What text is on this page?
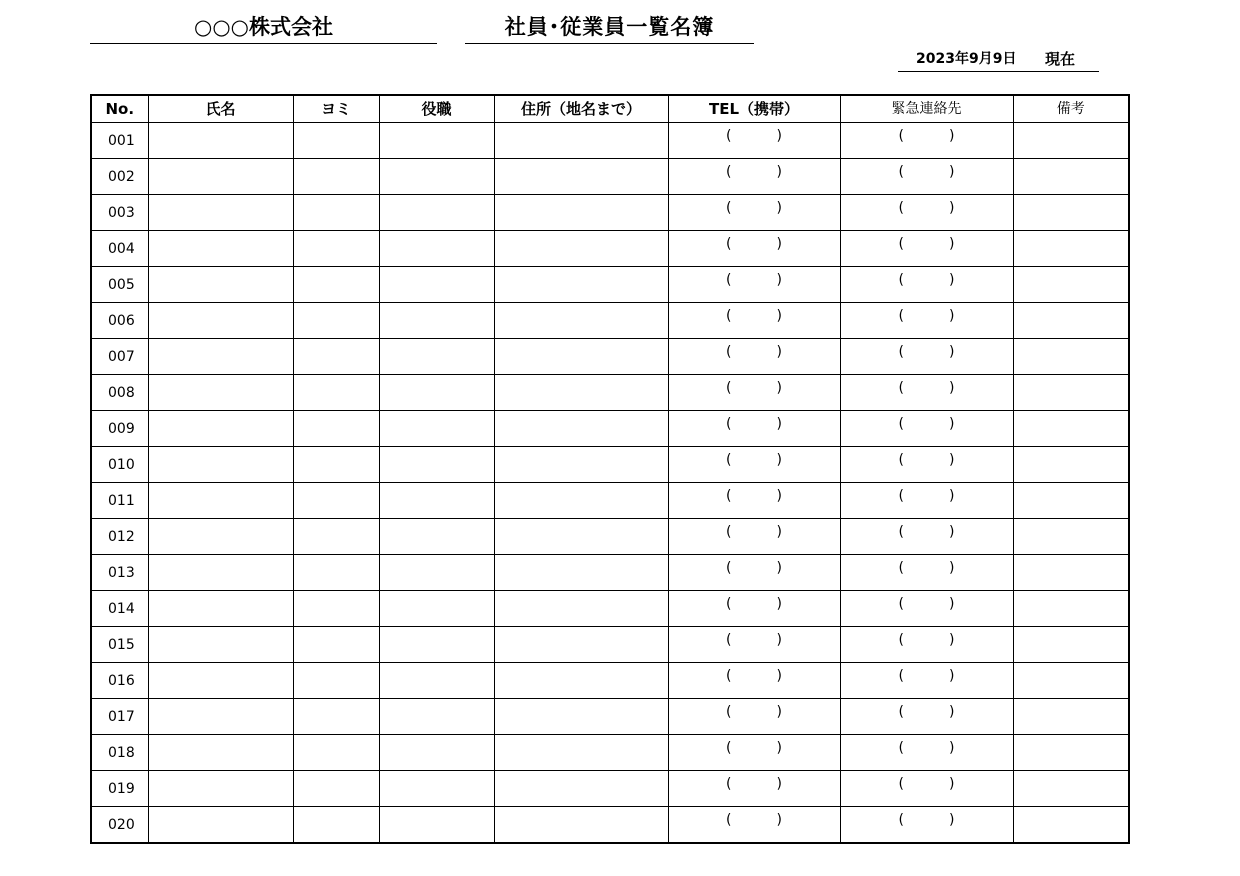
○○○株式会社	社員･従業員一覧名簿
2023年9月9日 現在
No.	氏名	ヨミ	役職	住所（地名まで）	TEL（携帯）	緊急連絡先	備考
001					( )	( )	

002					( )	( )	

003					( )	( )	

004					( )	( )	

005					( )	( )	

006					( )	( )	

007					( )	( )	

008					( )	( )	

009					( )	( )	

010					( )	( )	

011					( )	( )	

012					( )	( )	

013					( )	( )	

014					( )	( )	

015					( )	( )	

016					( )	( )	

017					( )	( )	

018					( )	( )	

019					( )	( )	

020					( )	( )	
